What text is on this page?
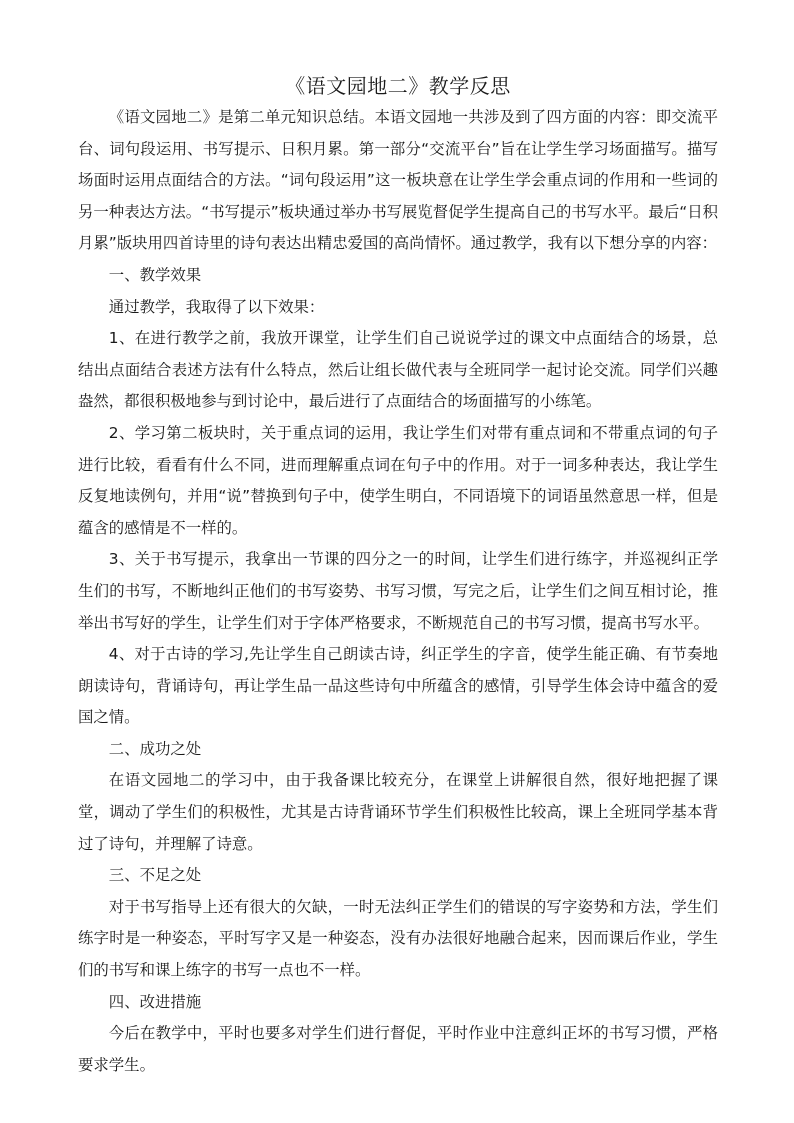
《语文园地二》教学反思

《语文园地二》是第二单元知识总结。本语文园地一共涉及到了四方面的内容：即交流平台、词句段运用、书写提示、日积月累。第一部分“交流平台”旨在让学生学习场面描写。描写场面时运用点面结合的方法。“词句段运用”这一板块意在让学生学会重点词的作用和一些词的另一种表达方法。“书写提示”板块通过举办书写展览督促学生提高自己的书写水平。最后“日积月累”版块用四首诗里的诗句表达出精忠爱国的高尚情怀。通过教学，我有以下想分享的内容：

一、教学效果

通过教学，我取得了以下效果：

1、在进行教学之前，我放开课堂，让学生们自己说说学过的课文中点面结合的场景，总结出点面结合表述方法有什么特点，然后让组长做代表与全班同学一起讨论交流。同学们兴趣盎然，都很积极地参与到讨论中，最后进行了点面结合的场面描写的小练笔。

2、学习第二板块时，关于重点词的运用，我让学生们对带有重点词和不带重点词的句子进行比较，看看有什么不同，进而理解重点词在句子中的作用。对于一词多种表达，我让学生反复地读例句，并用“说”替换到句子中，使学生明白，不同语境下的词语虽然意思一样，但是蕴含的感情是不一样的。

3、关于书写提示，我拿出一节课的四分之一的时间，让学生们进行练字，并巡视纠正学生们的书写，不断地纠正他们的书写姿势、书写习惯，写完之后，让学生们之间互相讨论，推举出书写好的学生，让学生们对于字体严格要求，不断规范自己的书写习惯，提高书写水平。

4、对于古诗的学习,先让学生自己朗读古诗，纠正学生的字音，使学生能正确、有节奏地朗读诗句，背诵诗句，再让学生品一品这些诗句中所蕴含的感情，引导学生体会诗中蕴含的爱国之情。

二、成功之处

在语文园地二的学习中，由于我备课比较充分，在课堂上讲解很自然，很好地把握了课堂，调动了学生们的积极性，尤其是古诗背诵环节学生们积极性比较高，课上全班同学基本背过了诗句，并理解了诗意。

三、不足之处

对于书写指导上还有很大的欠缺，一时无法纠正学生们的错误的写字姿势和方法，学生们练字时是一种姿态，平时写字又是一种姿态，没有办法很好地融合起来，因而课后作业，学生们的书写和课上练字的书写一点也不一样。

四、改进措施

今后在教学中，平时也要多对学生们进行督促，平时作业中注意纠正坏的书写习惯，严格要求学生。
